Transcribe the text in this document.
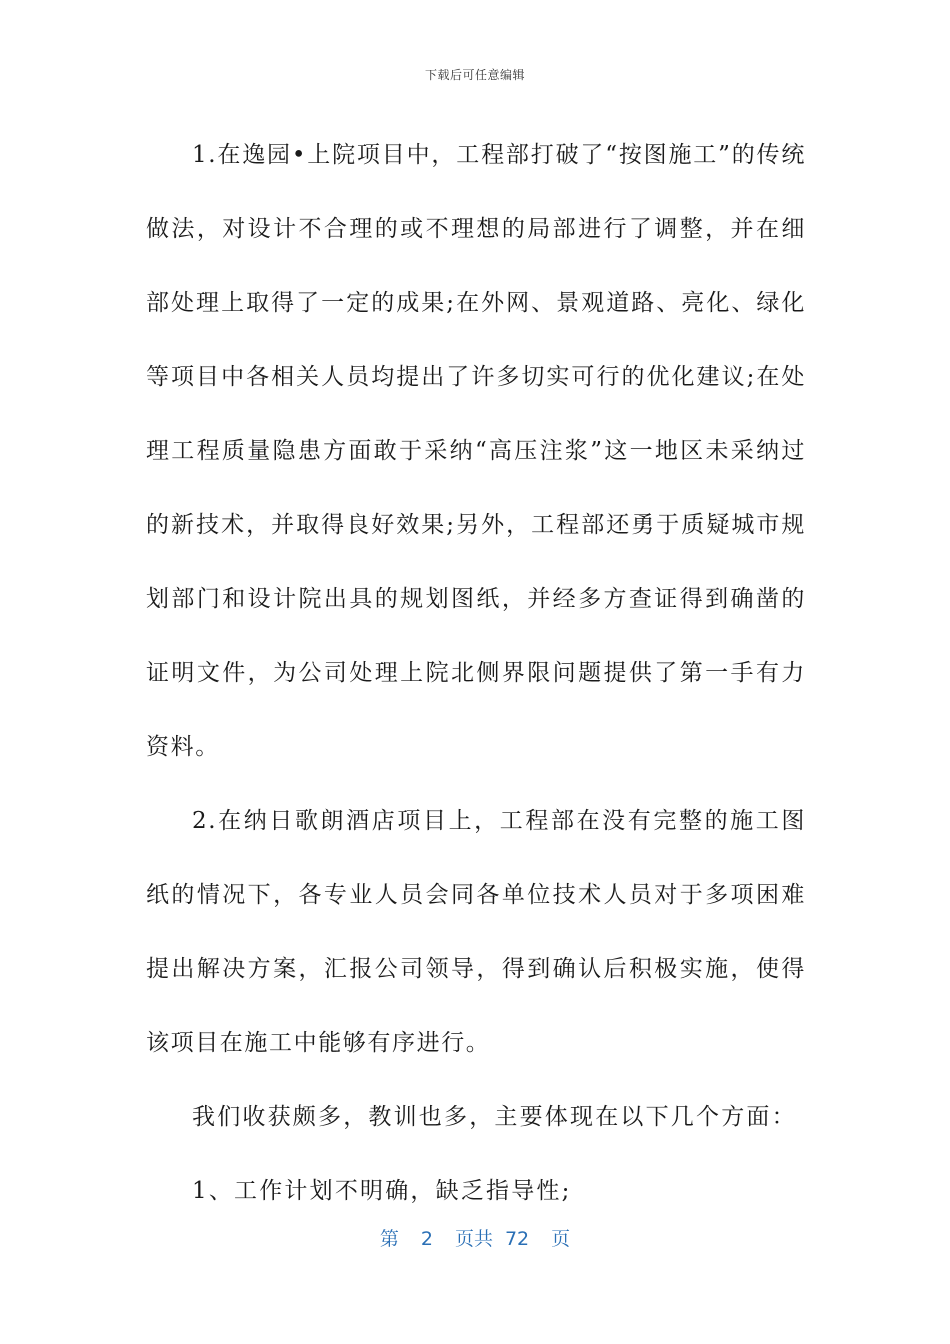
下载后可任意编辑

1.在逸园•上院项目中，工程部打破了“按图施工”的传统做法，对设计不合理的或不理想的局部进行了调整，并在细部处理上取得了一定的成果;在外网、景观道路、亮化、绿化等项目中各相关人员均提出了许多切实可行的优化建议;在处理工程质量隐患方面敢于采纳“高压注浆”这一地区未采纳过的新技术，并取得良好效果;另外，工程部还勇于质疑城市规划部门和设计院出具的规划图纸，并经多方查证得到确凿的证明文件，为公司处理上院北侧界限问题提供了第一手有力资料。

2.在纳日歌朗酒店项目上，工程部在没有完整的施工图纸的情况下，各专业人员会同各单位技术人员对于多项困难提出解决方案，汇报公司领导，得到确认后积极实施，使得该项目在施工中能够有序进行。

我们收获颇多，教训也多，主要体现在以下几个方面：

1、工作计划不明确，缺乏指导性;

第 2 页共 72 页
